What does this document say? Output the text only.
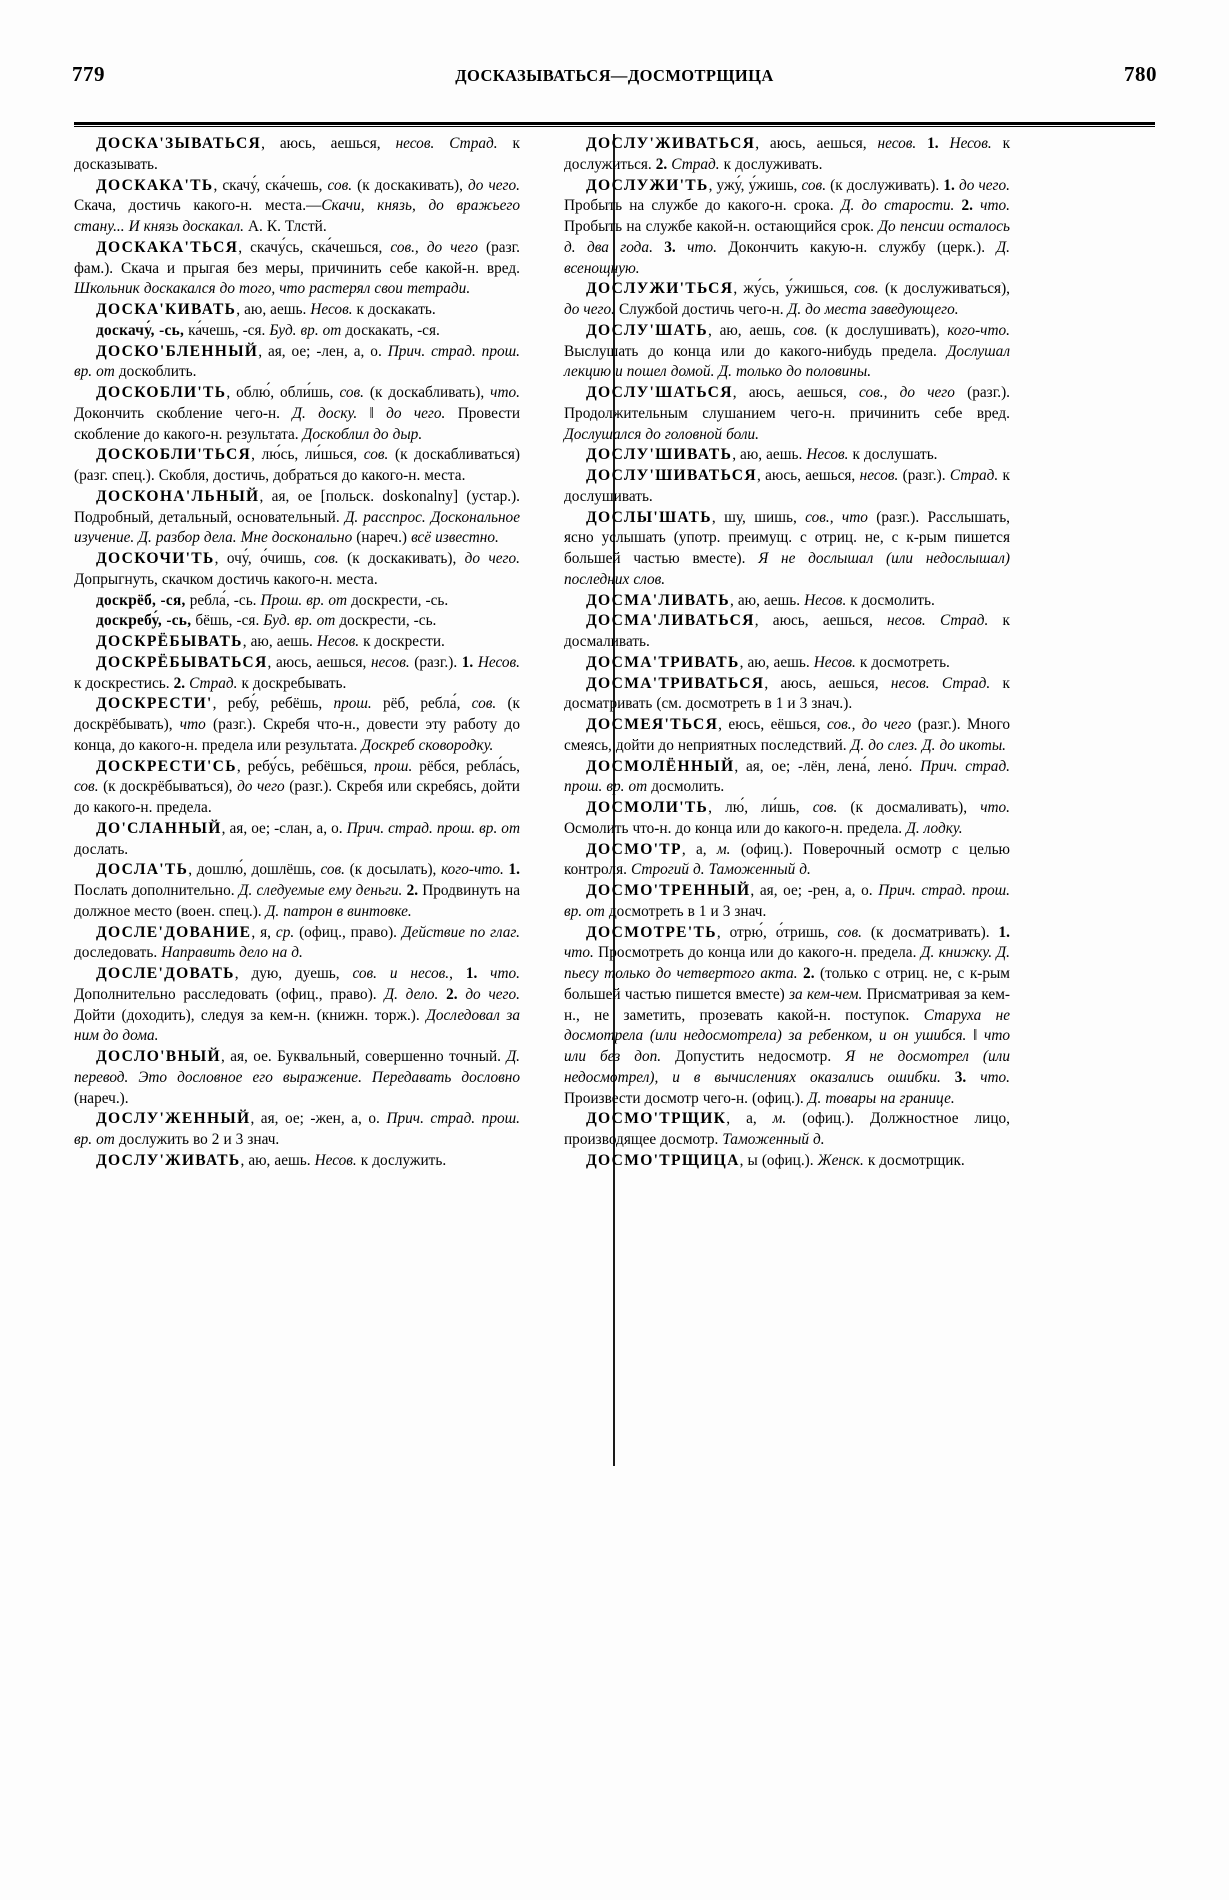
779	ДОСКАЗЫВАТЬСЯ—ДОСМОТРЩИЦА	780

ДОСКА'ЗЫВАТЬСЯ, аюсь, аешься, несов. Страд. к досказывать.

ДОСКАКА'ТЬ, скачу́, ска́чешь, сов. (к доскакивать), до чего. Скача, достичь какого-н. места.—Скачи, князь, до вражьего стану... И князь доскакал. А. К. Тлстй.

ДОСКАКА'ТЬСЯ, скачу́сь, ска́чешься, сов., до чего (разг. фам.). Скача и прыгая без меры, причинить себе какой-н. вред. Школьник доскакался до того, что растерял свои тетради.

ДОСКА'КИВАТЬ, аю, аешь. Несов. к доскакать.

доскачу́, -сь, ка́чешь, -ся. Буд. вр. от доскакать, -ся.

ДОСКО'БЛЕННЫЙ, ая, ое; -лен, а, о. Прич. страд. прош. вр. от доскоблить.

ДОСКОБЛИ'ТЬ, облю́, обли́шь, сов. (к доскабливать), что. Докончить скобление чего-н. Д. доску. ‖ до чего. Провести скобление до какого-н. результата. Доскоблил до дыр.

ДОСКОБЛИ'ТЬСЯ, лю́сь, ли́шься, сов. (к доскабливаться) (разг. спец.). Скобля, достичь, добраться до какого-н. места.

ДОСКОНА'ЛЬНЫЙ, ая, ое [польск. doskonalny] (устар.). Подробный, детальный, основательный. Д. расспрос. Доскональное изучение. Д. разбор дела. Мне досконально (нареч.) всё известно.

ДОСКОЧИ'ТЬ, очу́, о́чишь, сов. (к доскакивать), до чего. Допрыгнуть, скачком достичь какого-н. места.

доскрёб, -ся, ребла́, -сь. Прош. вр. от доскрести, -сь.

доскребу́, -сь, бёшь, -ся. Буд. вр. от доскрести, -сь.

ДОСКРЁБЫВАТЬ, аю, аешь. Несов. к доскрести.

ДОСКРЁБЫВАТЬСЯ, аюсь, аешься, несов. (разг.). 1. Несов. к доскрестись. 2. Страд. к доскребывать.

ДОСКРЕСТИ', ребу́, ребёшь, прош. рёб, ребла́, сов. (к доскрёбывать), что (разг.). Скребя что-н., довести эту работу до конца, до какого-н. предела или результата. Доскреб сковородку.

ДОСКРЕСТИ'СЬ, ребу́сь, ребёшься, прош. рёбся, ребла́сь, сов. (к доскрёбываться), до чего (разг.). Скребя или скребясь, дойти до какого-н. предела.

ДО'СЛАННЫЙ, ая, ое; -слан, а, о. Прич. страд. прош. вр. от дослать.

ДОСЛА'ТЬ, дошлю́, дошлёшь, сов. (к досылать), кого-что. 1. Послать дополнительно. Д. следуемые ему деньги. 2. Продвинуть на должное место (воен. спец.). Д. патрон в винтовке.

ДОСЛЕ'ДОВАНИЕ, я, ср. (офиц., право). Действие по глаг. доследовать. Направить дело на д.

ДОСЛЕ'ДОВАТЬ, дую, дуешь, сов. и несов., 1. что. Дополнительно расследовать (офиц., право). Д. дело. 2. до чего. Дойти (доходить), следуя за кем-н. (книжн. торж.). Доследовал за ним до дома.

ДОСЛО'ВНЫЙ, ая, ое. Буквальный, совершенно точный. Д. перевод. Это дословное его выражение. Передавать дословно (нареч.).

ДОСЛУ'ЖЕННЫЙ, ая, ое; -жен, а, о. Прич. страд. прош. вр. от дослужить во 2 и 3 знач.

ДОСЛУ'ЖИВАТЬ, аю, аешь. Несов. к дослужить.

ДОСЛУ'ЖИВАТЬСЯ, аюсь, аешься, несов. 1. Несов. к дослужиться. 2. Страд. к дослуживать.

ДОСЛУЖИ'ТЬ, ужу́, у́жишь, сов. (к дослуживать). 1. до чего. Пробыть на службе до какого-н. срока. Д. до старости. 2. что. Пробыть на службе какой-н. остающийся срок. До пенсии осталось д. два года. 3. что. Докончить какую-н. службу (церк.). Д. всенощную.

ДОСЛУЖИ'ТЬСЯ, жу́сь, у́жишься, сов. (к дослуживаться), до чего. Службой достичь чего-н. Д. до места заведующего.

ДОСЛУ'ШАТЬ, аю, аешь, сов. (к дослушивать), кого-что. Выслушать до конца или до какого-нибудь предела. Дослушал лекцию и пошел домой. Д. только до половины.

ДОСЛУ'ШАТЬСЯ, аюсь, аешься, сов., до чего (разг.). Продолжительным слушанием чего-н. причинить себе вред. Дослушался до головной боли.

ДОСЛУ'ШИВАТЬ, аю, аешь. Несов. к дослушать.

ДОСЛУ'ШИВАТЬСЯ, аюсь, аешься, несов. (разг.). Страд. к дослушивать.

ДОСЛЫ'ШАТЬ, шу, шишь, сов., что (разг.). Расслышать, ясно услышать (употр. преимущ. с отриц. не, с к-рым пишется большей частью вместе). Я не дослышал (или недослышал) последних слов.

ДОСМА'ЛИВАТЬ, аю, аешь. Несов. к досмолить.

ДОСМА'ЛИВАТЬСЯ, аюсь, аешься, несов. Страд. к досмаливать.

ДОСМА'ТРИВАТЬ, аю, аешь. Несов. к досмотреть.

ДОСМА'ТРИВАТЬСЯ, аюсь, аешься, несов. Страд. к досматривать (см. досмотреть в 1 и 3 знач.).

ДОСМЕЯ'ТЬСЯ, еюсь, еёшься, сов., до чего (разг.). Много смеясь, дойти до неприятных последствий. Д. до слез. Д. до икоты.

ДОСМОЛЁННЫЙ, ая, ое; -лён, лена́, лено́. Прич. страд. прош. вр. от досмолить.

ДОСМОЛИ'ТЬ, лю́, ли́шь, сов. (к досмаливать), что. Осмолить что-н. до конца или до какого-н. предела. Д. лодку.

ДОСМО'ТР, а, м. (офиц.). Поверочный осмотр с целью контроля. Строгий д. Таможенный д.

ДОСМО'ТРЕННЫЙ, ая, ое; -рен, а, о. Прич. страд. прош. вр. от досмотреть в 1 и 3 знач.

ДОСМОТРЕ'ТЬ, отрю́, о́тришь, сов. (к досматривать). 1. что. Просмотреть до конца или до какого-н. предела. Д. книжку. Д. пьесу только до четвертого акта. 2. (только с отриц. не, с к-рым большей частью пишется вместе) за кем-чем. Присматривая за кем-н., не заметить, прозевать какой-н. поступок. Старуха не досмотрела (или недосмотрела) за ребенком, и он ушибся. ‖ что или без доп. Допустить недосмотр. Я не досмотрел (или недосмотрел), и в вычислениях оказались ошибки. 3. что. Произвести досмотр чего-н. (офиц.). Д. товары на границе.

ДОСМО'ТРЩИК, а, м. (офиц.). Должностное лицо, производящее досмотр. Таможенный д.

ДОСМО'ТРЩИЦА, ы (офиц.). Женск. к досмотрщик.
